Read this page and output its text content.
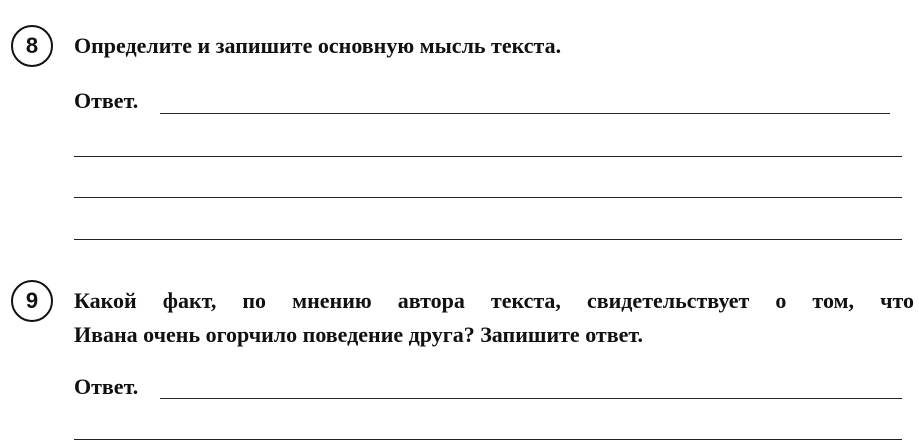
8 Определите и запишите основную мысль текста.
Ответ.
9 Какой факт, по мнению автора текста, свидетельствует о том, что
Ивана очень огорчило поведение друга? Запишите ответ.
Ответ.
